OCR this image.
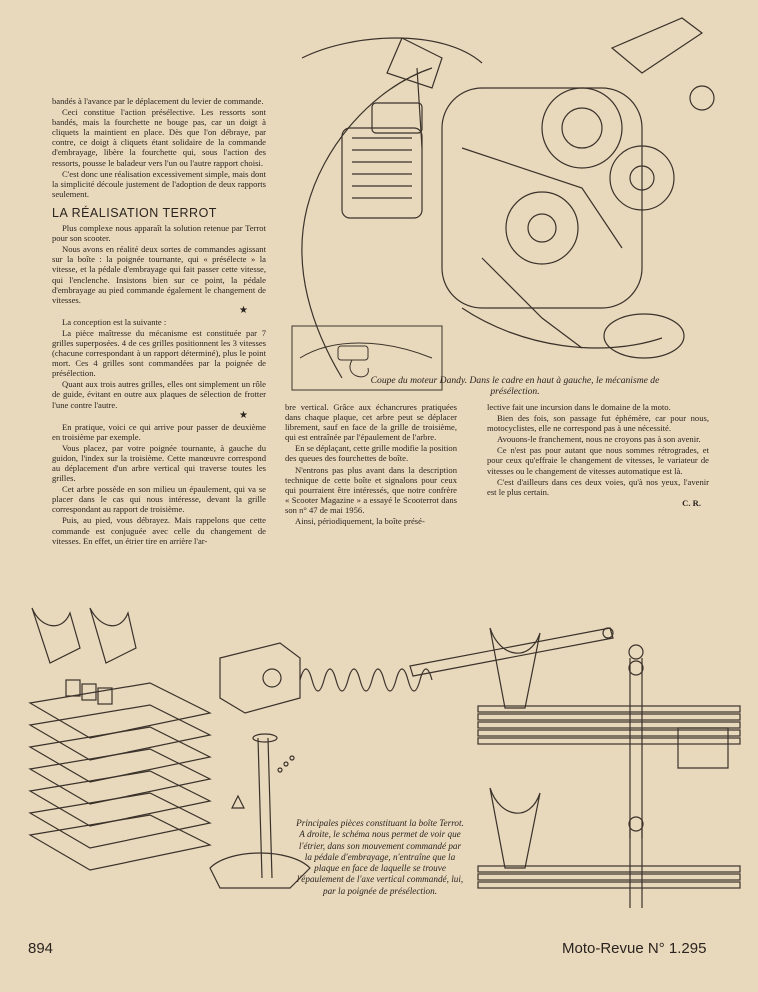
bandés à l'avance par le déplacement du levier de commande.

Ceci constitue l'action présélective. Les ressorts sont bandés, mais la fourchette ne bouge pas, car un doigt à cliquets la maintient en place. Dès que l'on débraye, par contre, ce doigt à cliquets étant solidaire de la commande d'embrayage, libère la fourchette qui, sous l'action des ressorts, pousse le baladeur vers l'un ou l'autre rapport choisi.

C'est donc une réalisation excessivement simple, mais dont la simplicité découle justement de l'adoption de deux rapports seulement.

LA RÉALISATION TERROT

Plus complexe nous apparaît la solution retenue par Terrot pour son scooter.

Nous avons en réalité deux sortes de commandes agissant sur la boîte : la poignée tournante, qui « présélecte » la vitesse, et la pédale d'embrayage qui fait passer cette vitesse, qui l'enclenche. Insistons bien sur ce point, la pédale d'embrayage au pied commande également le changement de vitesses.

★

La conception est la suivante :

La pièce maîtresse du mécanisme est constituée par 7 grilles superposées. 4 de ces grilles positionnent les 3 vitesses (chacune correspondant à un rapport déterminé), plus le point mort. Ces 4 grilles sont commandées par la poignée de présélection.

Quant aux trois autres grilles, elles ont simplement un rôle de guide, évitant en outre aux plaques de sélection de frotter l'une contre l'autre.

★

En pratique, voici ce qui arrive pour passer de deuxième en troisième par exemple.

Vous placez, par votre poignée tournante, à gauche du guidon, l'index sur la troisième. Cette manœuvre correspond au déplacement d'un arbre vertical qui traverse toutes les grilles.

Cet arbre possède en son milieu un épaulement, qui va se placer dans le cas qui nous intéresse, devant la grille correspondant au rapport de troisième.

Puis, au pied, vous débrayez. Mais rappelons que cette commande est conjuguée avec celle du changement de vitesses. En effet, un étrier tire en arrière l'ar-

Coupe du moteur Dandy. Dans le cadre en haut à gauche, le mécanisme de présélection.

bre vertical. Grâce aux échancrures pratiquées dans chaque plaque, cet arbre peut se déplacer librement, sauf en face de la grille de troisième, qui est entraînée par l'épaulement de l'arbre.

En se déplaçant, cette grille modifie la position des queues des fourchettes de boîte.

N'entrons pas plus avant dans la description technique de cette boîte et signalons pour ceux qui pourraient être intéressés, que notre confrère « Scooter Magazine » a essayé le Scooterrot dans son n° 47 de mai 1956.

Ainsi, périodiquement, la boîte présé-

lective fait une incursion dans le domaine de la moto.

Bien des fois, son passage fut éphémère, car pour nous, motocyclistes, elle ne correspond pas à une nécessité.

Avouons-le franchement, nous ne croyons pas à son avenir.

Ce n'est pas pour autant que nous sommes rétrogrades, et pour ceux qu'effraie le changement de vitesses, le variateur de vitesses ou le changement de vitesses automatique est là.

C'est d'ailleurs dans ces deux voies, qu'à nos yeux, l'avenir est le plus certain.

C. R.
Principales pièces constituant la boîte Terrot. A droite, le schéma nous permet de voir que l'étrier, dans son mouvement commandé par la pédale d'embrayage, n'entraîne que la plaque en face de laquelle se trouve l'épaulement de l'axe vertical commandé, lui, par la poignée de présélection.
894	Moto-Revue N° 1.295
